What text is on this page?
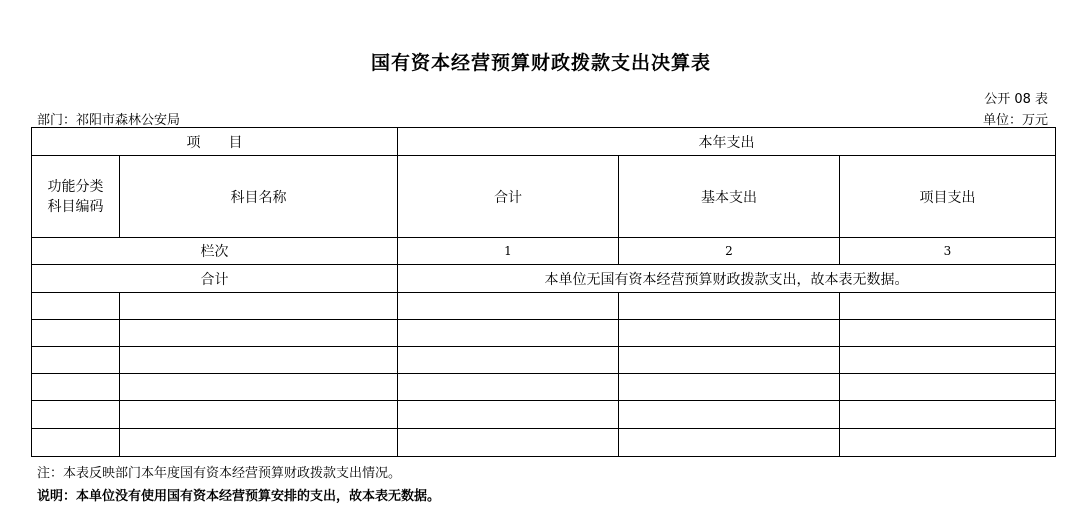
国有资本经营预算财政拨款支出决算表
公开 08 表
单位：万元
部门：祁阳市森林公安局
项　　目		本年支出		
功能分类
科目编码	科目名称	合计	基本支出	项目支出
栏次		1	2	3
合计		本单位无国有资本经营预算财政拨款支出，故本表无数据。		

注：本表反映部门本年度国有资本经营预算财政拨款支出情况。
说明：本单位没有使用国有资本经营预算安排的支出，故本表无数据。
